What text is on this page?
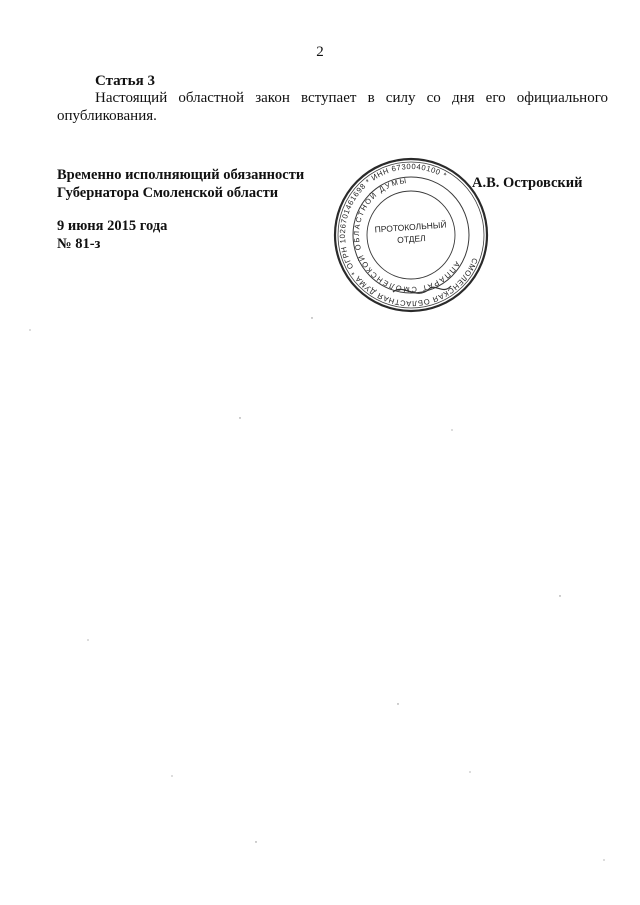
2
Статья 3

Настоящий областной закон вступает в силу со дня его официального опубликования.

Временно исполняющий обязанности
Губернатора Смоленской области
А.В. Островский
9 июня 2015 года
№ 81-з
СМОЛЕНСКАЯ ОБЛАСТНАЯ ДУМА * ОГРН 1026701461698 * ИНН 6730040100 *
АППАРАТ СМОЛЕНСКОЙ ОБЛАСТНОЙ ДУМЫ
ПРОТОКОЛЬНЫЙ
ОТДЕЛ
